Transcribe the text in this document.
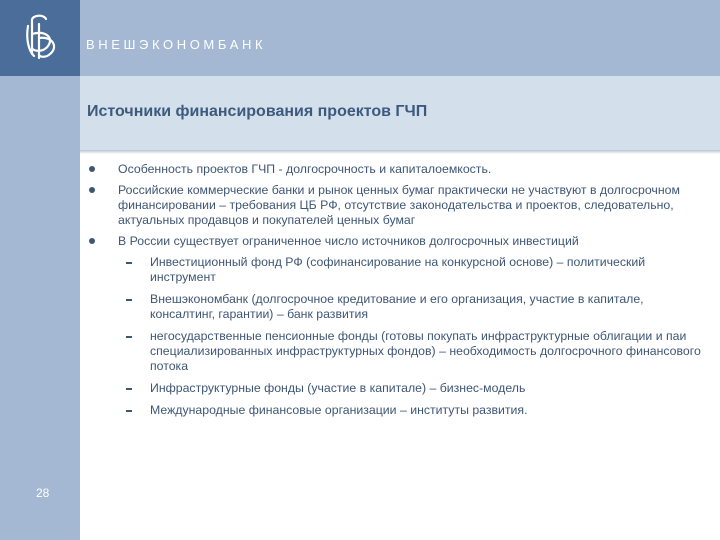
ВНЕШЭКОНОМБАНК
Источники финансирования проектов ГЧП
28
Особенность проектов ГЧП - долгосрочность и капиталоемкость.
Российские коммерческие банки и рынок ценных бумаг практически не участвуют в долгосрочном финансировании – требования ЦБ РФ, отсутствие законодательства и проектов, следовательно, актуальных продавцов и покупателей ценных бумаг
В России существует ограниченное число источников долгосрочных инвестиций
Инвестиционный фонд РФ (софинансирование на конкурсной основе) – политический инструмент
Внешэкономбанк (долгосрочное кредитование и его организация, участие в капитале, консалтинг, гарантии) – банк развития
негосударственные пенсионные фонды (готовы покупать инфраструктурные облигации и паи специализированных инфраструктурных фондов) – необходимость долгосрочного финансового потока
Инфраструктурные фонды (участие в капитале) – бизнес-модель
Международные финансовые организации – институты развития.
